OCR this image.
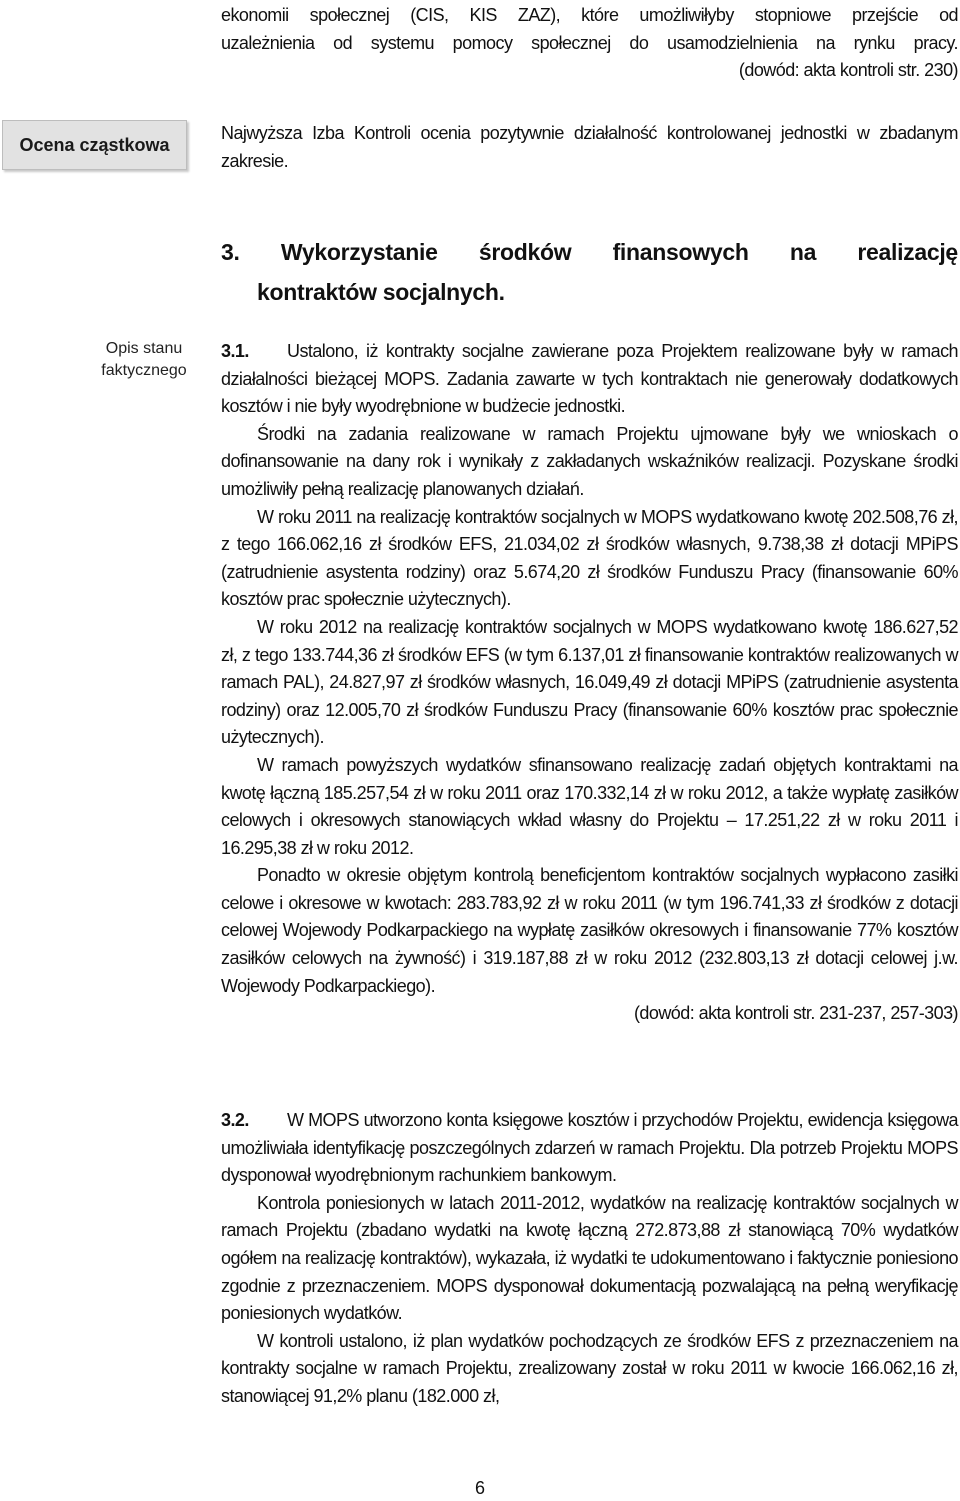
ekonomii społecznej (CIS, KIS ZAZ), które umożliwiłyby stopniowe przejście od

uzależnienia od systemu pomocy społecznej do usamodzielnienia na rynku pracy.

(dowód: akta kontroli str. 230)

Ocena cząstkowa

Najwyższa Izba Kontroli ocenia pozytywnie działalność kontrolowanej jednostki w zbadanym zakresie.

3. Wykorzystanie środków finansowych na realizację
kontraktów socjalnych.
Opis stanu faktycznego

3.1. Ustalono, iż kontrakty socjalne zawierane poza Projektem realizowane były w ramach działalności bieżącej MOPS. Zadania zawarte w tych kontraktach nie generowały dodatkowych kosztów i nie były wyodrębnione w budżecie jednostki.

Środki na zadania realizowane w ramach Projektu ujmowane były we wnioskach o dofinansowanie na dany rok i wynikały z zakładanych wskaźników realizacji. Pozyskane środki umożliwiły pełną realizację planowanych działań.

W roku 2011 na realizację kontraktów socjalnych w MOPS wydatkowano kwotę 202.508,76 zł, z tego 166.062,16 zł środków EFS, 21.034,02 zł środków własnych, 9.738,38 zł dotacji MPiPS (zatrudnienie asystenta rodziny) oraz 5.674,20 zł środków Funduszu Pracy (finansowanie 60% kosztów prac społecznie użytecznych).

W roku 2012 na realizację kontraktów socjalnych w MOPS wydatkowano kwotę 186.627,52 zł, z tego 133.744,36 zł środków EFS (w tym 6.137,01 zł finansowanie kontraktów realizowanych w ramach PAL), 24.827,97 zł środków własnych, 16.049,49 zł dotacji MPiPS (zatrudnienie asystenta rodziny) oraz 12.005,70 zł środków Funduszu Pracy (finansowanie 60% kosztów prac społecznie użytecznych).

W ramach powyższych wydatków sfinansowano realizację zadań objętych kontraktami na kwotę łączną 185.257,54 zł w roku 2011 oraz 170.332,14 zł w roku 2012, a także wypłatę zasiłków celowych i okresowych stanowiących wkład własny do Projektu – 17.251,22 zł w roku 2011 i 16.295,38 zł w roku 2012.

Ponadto w okresie objętym kontrolą beneficjentom kontraktów socjalnych wypłacono zasiłki celowe i okresowe w kwotach: 283.783,92 zł w roku 2011 (w tym 196.741,33 zł środków z dotacji celowej Wojewody Podkarpackiego na wypłatę zasiłków okresowych i finansowanie 77% kosztów zasiłków celowych na żywność) i 319.187,88 zł w roku 2012 (232.803,13 zł dotacji celowej j.w. Wojewody Podkarpackiego).

(dowód: akta kontroli str. 231-237, 257-303)

3.2. W MOPS utworzono konta księgowe kosztów i przychodów Projektu, ewidencja księgowa umożliwiała identyfikację poszczególnych zdarzeń w ramach Projektu. Dla potrzeb Projektu MOPS dysponował wyodrębnionym rachunkiem bankowym.

Kontrola poniesionych w latach 2011-2012, wydatków na realizację kontraktów socjalnych w ramach Projektu (zbadano wydatki na kwotę łączną 272.873,88 zł stanowiącą 70% wydatków ogółem na realizację kontraktów), wykazała, iż wydatki te udokumentowano i faktycznie poniesiono zgodnie z przeznaczeniem. MOPS dysponował dokumentacją pozwalającą na pełną weryfikację poniesionych wydatków.

W kontroli ustalono, iż plan wydatków pochodzących ze środków EFS z przeznaczeniem na kontrakty socjalne w ramach Projektu, zrealizowany został w roku 2011 w kwocie 166.062,16 zł, stanowiącej 91,2% planu (182.000 zł,

6
